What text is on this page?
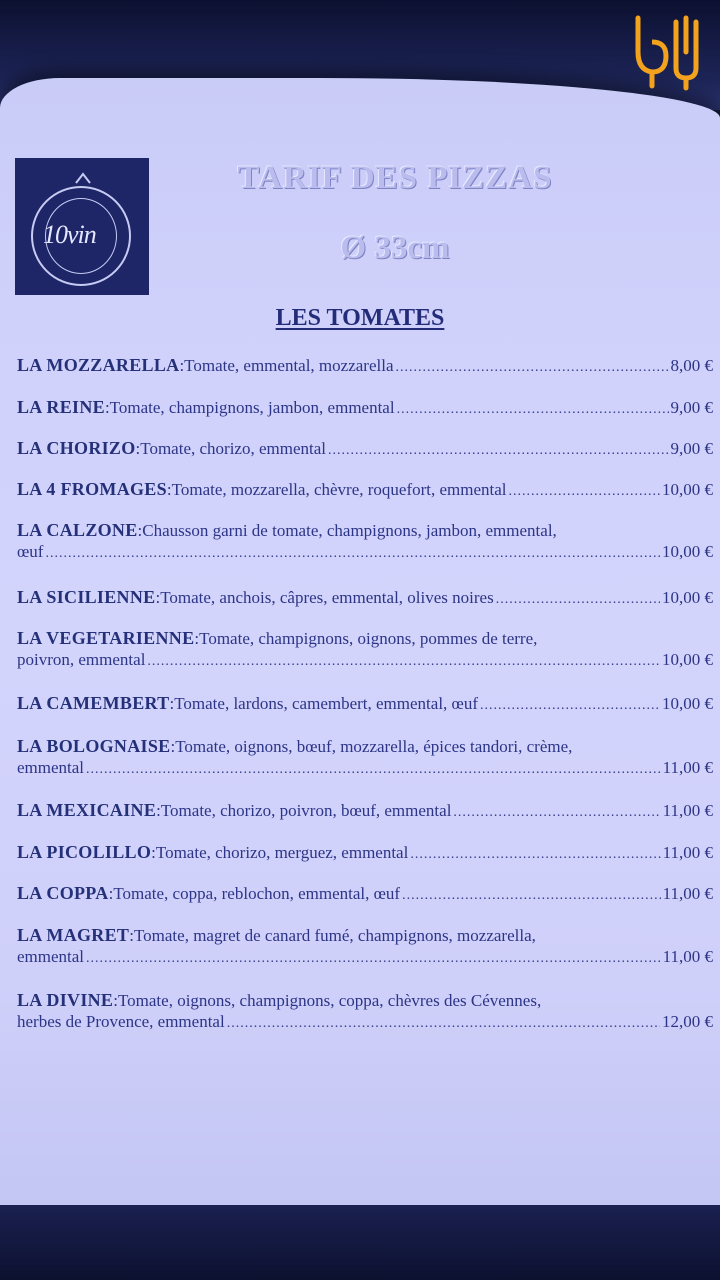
10vin
TARIF DES PIZZAS
Ø 33cm
LES TOMATES
LA MOZZARELLA : Tomate, emmental, mozzarella .....	8,00 €
LA REINE : Tomate, champignons, jambon, emmental .....	9,00 €
LA CHORIZO : Tomate, chorizo, emmental .....	9,00 €
LA 4 FROMAGES : Tomate, mozzarella, chèvre, roquefort, emmental .....	10,00 €
LA CALZONE : Chausson garni de tomate, champignons, jambon, emmental,
œuf .....	10,00 €
LA SICILIENNE : Tomate, anchois, câpres, emmental, olives noires .....	10,00 €
LA VEGETARIENNE : Tomate, champignons, oignons, pommes de terre,
poivron, emmental .....	10,00 €
LA CAMEMBERT : Tomate, lardons, camembert, emmental, œuf .....	10,00 €
LA BOLOGNAISE : Tomate, oignons, bœuf, mozzarella, épices tandori, crème,
emmental .....	11,00 €
LA MEXICAINE : Tomate, chorizo, poivron, bœuf, emmental .....	11,00 €
LA PICOLILLO : Tomate, chorizo, merguez, emmental .....	11,00 €
LA COPPA : Tomate, coppa, reblochon, emmental, œuf .....	11,00 €
LA MAGRET : Tomate, magret de canard fumé, champignons, mozzarella,
emmental .....	11,00 €
LA DIVINE : Tomate, oignons, champignons, coppa, chèvres des Cévennes,
herbes de Provence, emmental .....	12,00 €
